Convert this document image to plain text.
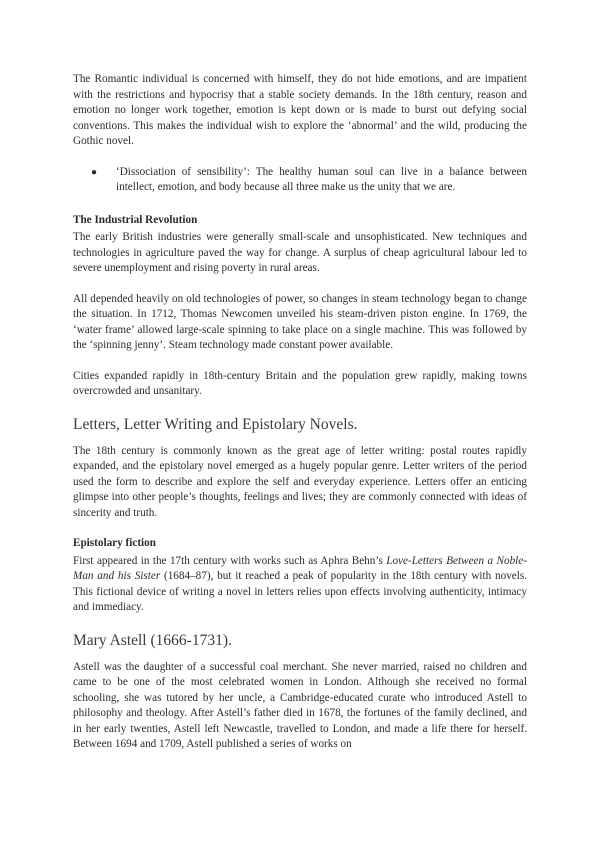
The Romantic individual is concerned with himself, they do not hide emotions, and are impatient with the restrictions and hypocrisy that a stable society demands. In the 18th century, reason and emotion no longer work together, emotion is kept down or is made to burst out defying social conventions. This makes the individual wish to explore the ‘abnormal’ and the wild, producing the Gothic novel.

● ‘Dissociation of sensibility’: The healthy human soul can live in a balance between intellect, emotion, and body because all three make us the unity that we are.
The Industrial Revolution

The early British industries were generally small-scale and unsophisticated. New techniques and technologies in agriculture paved the way for change. A surplus of cheap agricultural labour led to severe unemployment and rising poverty in rural areas.

All depended heavily on old technologies of power, so changes in steam technology began to change the situation. In 1712, Thomas Newcomen unveiled his steam-driven piston engine. In 1769, the ‘water frame’ allowed large-scale spinning to take place on a single machine. This was followed by the ‘spinning jenny’. Steam technology made constant power available.

Cities expanded rapidly in 18th-century Britain and the population grew rapidly, making towns overcrowded and unsanitary.

Letters, Letter Writing and Epistolary Novels.

The 18th century is commonly known as the great age of letter writing: postal routes rapidly expanded, and the epistolary novel emerged as a hugely popular genre. Letter writers of the period used the form to describe and explore the self and everyday experience. Letters offer an enticing glimpse into other people’s thoughts, feelings and lives; they are commonly connected with ideas of sincerity and truth.

Epistolary fiction

First appeared in the 17th century with works such as Aphra Behn’s Love-Letters Between a Noble-Man and his Sister (1684–87), but it reached a peak of popularity in the 18th century with novels. This fictional device of writing a novel in letters relies upon effects involving authenticity, intimacy and immediacy.

Mary Astell (1666-1731).

Astell was the daughter of a successful coal merchant. She never married, raised no children and came to be one of the most celebrated women in London. Although she received no formal schooling, she was tutored by her uncle, a Cambridge-educated curate who introduced Astell to philosophy and theology. After Astell’s father died in 1678, the fortunes of the family declined, and in her early twenties, Astell left Newcastle, travelled to London, and made a life there for herself. Between 1694 and 1709, Astell published a series of works on
